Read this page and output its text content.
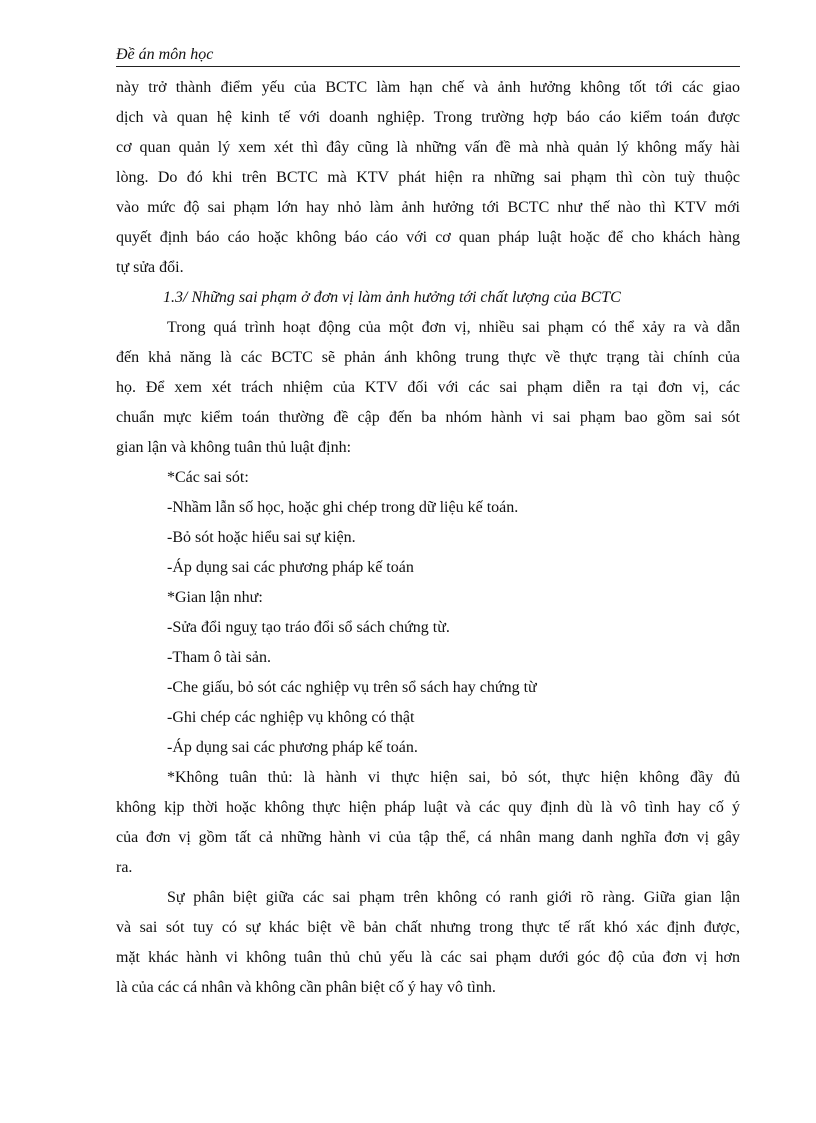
Đề án môn học
này trở thành điểm yếu của BCTC làm hạn chế và ảnh hưởng không tốt tới các giao
dịch và quan hệ kinh tế với doanh nghiệp. Trong trường hợp báo cáo kiểm toán được
cơ quan quản lý xem xét thì đây cũng là những vấn đề mà nhà quản lý không mấy hài
lòng. Do đó khi trên BCTC mà KTV phát hiện ra những sai phạm thì còn tuỳ thuộc
vào mức độ sai phạm lớn hay nhỏ làm ảnh hưởng tới BCTC như thế nào thì KTV mới
quyết định báo cáo hoặc không báo cáo với cơ quan pháp luật hoặc để cho khách hàng
tự sửa đổi.
1.3/ Những sai phạm ở đơn vị làm ảnh hưởng tới chất lượng của BCTC
Trong quá trình hoạt động của một đơn vị, nhiều sai phạm có thể xảy ra và dẫn
đến khả năng là các BCTC sẽ phản ánh không trung thực về thực trạng tài chính của
họ. Để xem xét trách nhiệm của KTV đối với các sai phạm diễn ra tại đơn vị, các
chuẩn mực kiểm toán thường đề cập đến ba nhóm hành vi sai phạm bao gồm sai sót
gian lận và không tuân thủ luật định:
*Các sai sót:
-Nhầm lẫn số học, hoặc ghi chép trong dữ liệu kế toán.
-Bỏ sót hoặc hiểu sai sự kiện.
-Áp dụng sai các phương pháp kế toán
*Gian lận như:
-Sửa đổi nguỵ tạo tráo đổi sổ sách chứng từ.
-Tham ô tài sản.
-Che giấu, bỏ sót các nghiệp vụ trên sổ sách hay chứng từ
-Ghi chép các nghiệp vụ không có thật
-Áp dụng sai các phương pháp kế toán.
*Không tuân thủ: là hành vi thực hiện sai, bỏ sót, thực hiện không đầy đủ
không kịp thời hoặc không thực hiện pháp luật và các quy định dù là vô tình hay cố ý
của đơn vị gồm tất cả những hành vi của tập thể, cá nhân mang danh nghĩa đơn vị gây
ra.
Sự phân biệt giữa các sai phạm trên không có ranh giới rõ ràng. Giữa gian lận
và sai sót tuy có sự khác biệt về bản chất nhưng trong thực tế rất khó xác định được,
mặt khác hành vi không tuân thủ chủ yếu là các sai phạm dưới góc độ của đơn vị hơn
là của các cá nhân và không cần phân biệt cố ý hay vô tình.
